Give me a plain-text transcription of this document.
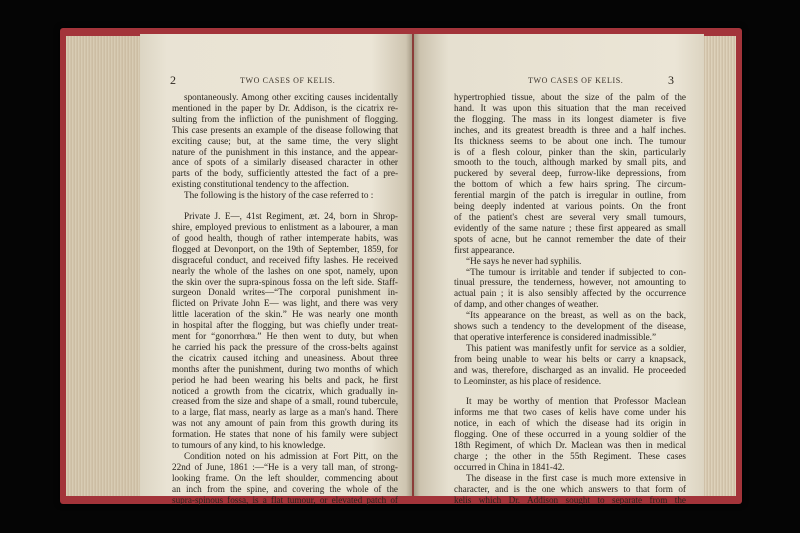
2	TWO CASES OF KELIS.
spontaneously. Among other exciting causes incidentally
mentioned in the paper by Dr. Addison, is the cicatrix re-
sulting from the infliction of the punishment of flogging.
This case presents an example of the disease following that
exciting cause; but, at the same time, the very slight
nature of the punishment in this instance, and the appear-
ance of spots of a similarly diseased character in other
parts of the body, sufficiently attested the fact of a pre-
existing constitutional tendency to the affection.
The following is the history of the case referred to :
Private J. E—, 41st Regiment, æt. 24, born in Shrop-
shire, employed previous to enlistment as a labourer, a man
of good health, though of rather intemperate habits, was
flogged at Devonport, on the 19th of September, 1859, for
disgraceful conduct, and received fifty lashes. He received
nearly the whole of the lashes on one spot, namely, upon
the skin over the supra-spinous fossa on the left side. Staff-
surgeon Donald writes—“The corporal punishment in-
flicted on Private John E— was light, and there was very
little laceration of the skin.” He was nearly one month
in hospital after the flogging, but was chiefly under treat-
ment for “gonorrhœa.” He then went to duty, but when
he carried his pack the pressure of the cross-belts against
the cicatrix caused itching and uneasiness. About three
months after the punishment, during two months of which
period he had been wearing his belts and pack, he first
noticed a growth from the cicatrix, which gradually in-
creased from the size and shape of a small, round tubercule,
to a large, flat mass, nearly as large as a man's hand. There
was not any amount of pain from this growth during its
formation. He states that none of his family were subject
to tumours of any kind, to his knowledge.
Condition noted on his admission at Fort Pitt, on the
22nd of June, 1861 :—“He is a very tall man, of strong-
looking frame. On the left shoulder, commencing about
an inch from the spine, and covering the whole of the
supra-spinous fossa, is a flat tumour, or elevated patch of
TWO CASES OF KELIS.	3
hypertrophied tissue, about the size of the palm of the
hand. It was upon this situation that the man received
the flogging. The mass in its longest diameter is five
inches, and its greatest breadth is three and a half inches.
Its thickness seems to be about one inch. The tumour
is of a flesh colour, pinker than the skin, particularly
smooth to the touch, although marked by small pits, and
puckered by several deep, furrow-like depressions, from
the bottom of which a few hairs spring. The circum-
ferential margin of the patch is irregular in outline, from
being deeply indented at various points. On the front
of the patient's chest are several very small tumours,
evidently of the same nature ; these first appeared as small
spots of acne, but he cannot remember the date of their
first appearance.
“He says he never had syphilis.
“The tumour is irritable and tender if subjected to con-
tinual pressure, the tenderness, however, not amounting to
actual pain ; it is also sensibly affected by the occurrence
of damp, and other changes of weather.
“Its appearance on the breast, as well as on the back,
shows such a tendency to the development of the disease,
that operative interference is considered inadmissible.”
This patient was manifestly unfit for service as a soldier,
from being unable to wear his belts or carry a knapsack,
and was, therefore, discharged as an invalid. He proceeded
to Leominster, as his place of residence.
It may be worthy of mention that Professor Maclean
informs me that two cases of kelis have come under his
notice, in each of which the disease had its origin in
flogging. One of these occurred in a young soldier of the
18th Regiment, of which Dr. Maclean was then in medical
charge ; the other in the 55th Regiment. These cases
occurred in China in 1841-42.
The disease in the first case is much more extensive in
character, and is the one which answers to that form of
kelis which Dr. Addison sought to separate from the
